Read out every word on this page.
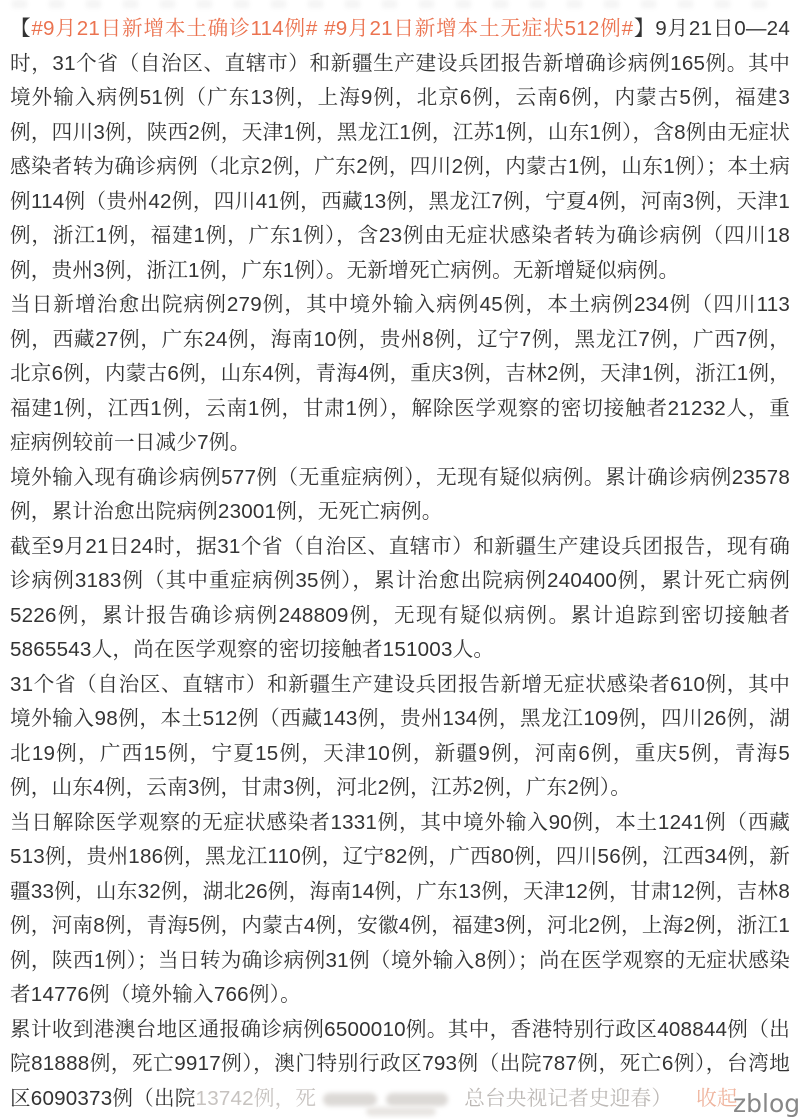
【#9月21日新增本土确诊114例# #9月21日新增本土无症状512例#】9月21日0—24时，31个省（自治区、直辖市）和新疆生产建设兵团报告新增确诊病例165例。其中境外输入病例51例（广东13例，上海9例，北京6例，云南6例，内蒙古5例，福建3例，四川3例，陕西2例，天津1例，黑龙江1例，江苏1例，山东1例），含8例由无症状感染者转为确诊病例（北京2例，广东2例，四川2例，内蒙古1例，山东1例）；本土病例114例（贵州42例，四川41例，西藏13例，黑龙江7例，宁夏4例，河南3例，天津1例，浙江1例，福建1例，广东1例），含23例由无症状感染者转为确诊病例（四川18例，贵州3例，浙江1例，广东1例）。无新增死亡病例。无新增疑似病例。

当日新增治愈出院病例279例，其中境外输入病例45例，本土病例234例（四川113例，西藏27例，广东24例，海南10例，贵州8例，辽宁7例，黑龙江7例，广西7例，北京6例，内蒙古6例，山东4例，青海4例，重庆3例，吉林2例，天津1例，浙江1例，福建1例，江西1例，云南1例，甘肃1例），解除医学观察的密切接触者21232人，重症病例较前一日减少7例。

境外输入现有确诊病例577例（无重症病例），无现有疑似病例。累计确诊病例23578例，累计治愈出院病例23001例，无死亡病例。

截至9月21日24时，据31个省（自治区、直辖市）和新疆生产建设兵团报告，现有确诊病例3183例（其中重症病例35例），累计治愈出院病例240400例，累计死亡病例5226例，累计报告确诊病例248809例，无现有疑似病例。累计追踪到密切接触者5865543人，尚在医学观察的密切接触者151003人。

31个省（自治区、直辖市）和新疆生产建设兵团报告新增无症状感染者610例，其中境外输入98例，本土512例（西藏143例，贵州134例，黑龙江109例，四川26例，湖北19例，广西15例，宁夏15例，天津10例，新疆9例，河南6例，重庆5例，青海5例，山东4例，云南3例，甘肃3例，河北2例，江苏2例，广东2例）。

当日解除医学观察的无症状感染者1331例，其中境外输入90例，本土1241例（西藏513例，贵州186例，黑龙江110例，辽宁82例，广西80例，四川56例，江西34例，新疆33例，山东32例，湖北26例，海南14例，广东13例，天津12例，甘肃12例，吉林8例，河南8例，青海5例，内蒙古4例，安徽4例，福建3例，河北2例，上海2例，浙江1例，陕西1例）；当日转为确诊病例31例（境外输入8例）；尚在医学观察的无症状感染者14776例（境外输入766例）。

累计收到港澳台地区通报确诊病例6500010例。其中，香港特别行政区408844例（出院81888例，死亡9917例），澳门特别行政区793例（出院787例，死亡6例），台湾地区6090373例（出院13742例，死	总台央视记者史迎春） 收起

zblog
